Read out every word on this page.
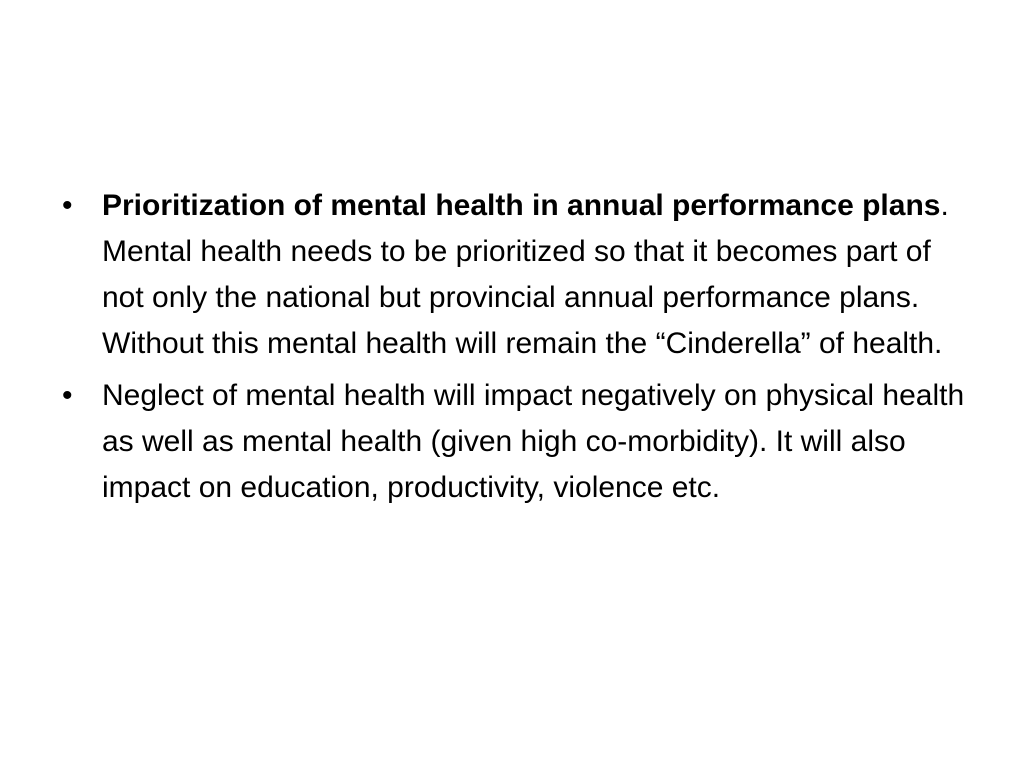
• Prioritization of mental health in annual performance plans. Mental health needs to be prioritized so that it becomes part of not only the national but provincial annual performance plans. Without this mental health will remain the “Cinderella” of health.
• Neglect of mental health will impact negatively on physical health as well as mental health (given high co-morbidity). It will also impact on education, productivity, violence etc.
